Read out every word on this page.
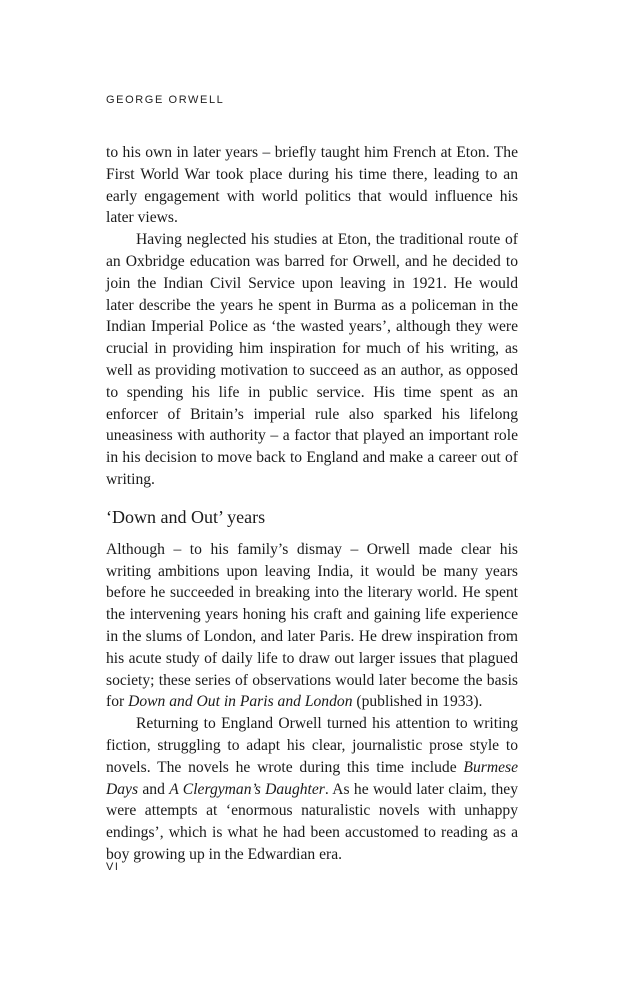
GEORGE ORWELL

to his own in later years – briefly taught him French at Eton. The First World War took place during his time there, leading to an early engagement with world politics that would influence his later views.

Having neglected his studies at Eton, the traditional route of an Oxbridge education was barred for Orwell, and he decided to join the Indian Civil Service upon leaving in 1921. He would later describe the years he spent in Burma as a policeman in the Indian Imperial Police as ‘the wasted years’, although they were crucial in providing him inspiration for much of his writing, as well as providing motivation to succeed as an author, as opposed to spending his life in public service. His time spent as an enforcer of Britain’s imperial rule also sparked his lifelong uneasiness with authority – a factor that played an important role in his decision to move back to England and make a career out of writing.

‘Down and Out’ years

Although – to his family’s dismay – Orwell made clear his writing ambitions upon leaving India, it would be many years before he succeeded in breaking into the literary world. He spent the intervening years honing his craft and gaining life experience in the slums of London, and later Paris. He drew inspiration from his acute study of daily life to draw out larger issues that plagued society; these series of observations would later become the basis for Down and Out in Paris and London (published in 1933).

Returning to England Orwell turned his attention to writing fiction, struggling to adapt his clear, journalistic prose style to novels. The novels he wrote during this time include Burmese Days and A Clergyman’s Daughter. As he would later claim, they were attempts at ‘enormous naturalistic novels with unhappy endings’, which is what he had been accustomed to reading as a boy growing up in the Edwardian era.

VI
